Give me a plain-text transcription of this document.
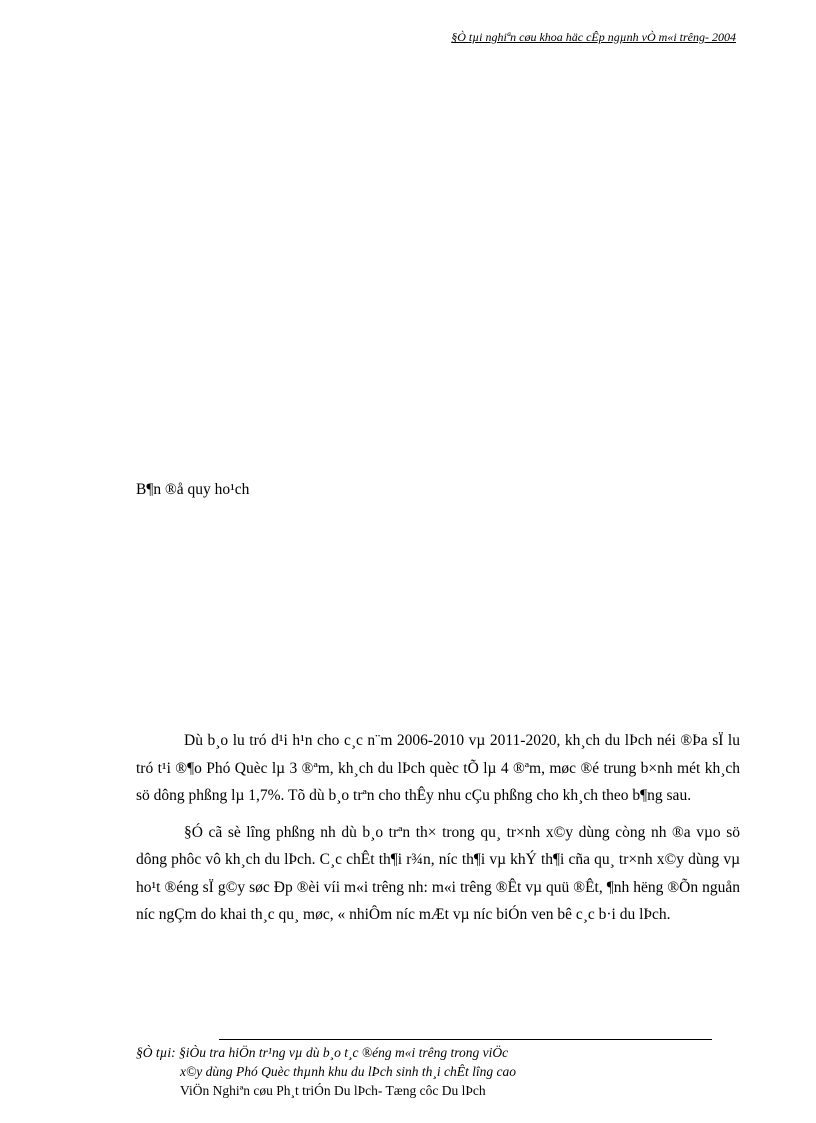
§Ò tµi nghiªn cøu khoa häc cÊp ngµnh vÒ m«i trêng- 2004
B¶n ®å quy ho¹ch

Dù b¸o lu tró d¹i h¹n cho c¸c n¨m 2006-2010 vµ 2011-2020, kh¸ch du lÞch néi ®Þa sÏ lu tró t¹i ®¶o Phó Quèc lµ 3 ®ªm, kh¸ch du lÞch quèc tÕ lµ 4 ®ªm, møc ®é trung b×nh mét kh¸ch sö dông phßng lµ 1,7%. Tõ dù b¸o trªn cho thÊy nhu cÇu phßng cho kh¸ch theo b¶ng sau.

§Ó cã sè lîng phßng nh dù b¸o trªn th× trong qu¸ tr×nh x©y dùng còng nh ®a vµo sö dông phôc vô kh¸ch du lÞch. C¸c chÊt th¶i r¾n, níc th¶i vµ khÝ th¶i cña qu¸ tr×nh x©y dùng vµ ho¹t ®éng sÏ g©y søc Ðp ®èi víi m«i trêng nh: m«i trêng ®Êt vµ quü ®Êt, ¶nh hëng ®Õn nguån níc ngÇm do khai th¸c qu¸ møc, « nhiÔm níc mÆt vµ níc biÓn ven bê c¸c b·i du lÞch.

§Ò tµi: §iÒu tra hiÖn tr¹ng vµ dù b¸o t¸c ®éng m«i trêng trong viÖc
x©y dùng Phó Quèc thµnh khu du lÞch sinh th¸i chÊt lîng cao
ViÖn Nghiªn cøu Ph¸t triÓn Du lÞch- Tæng côc Du lÞch
